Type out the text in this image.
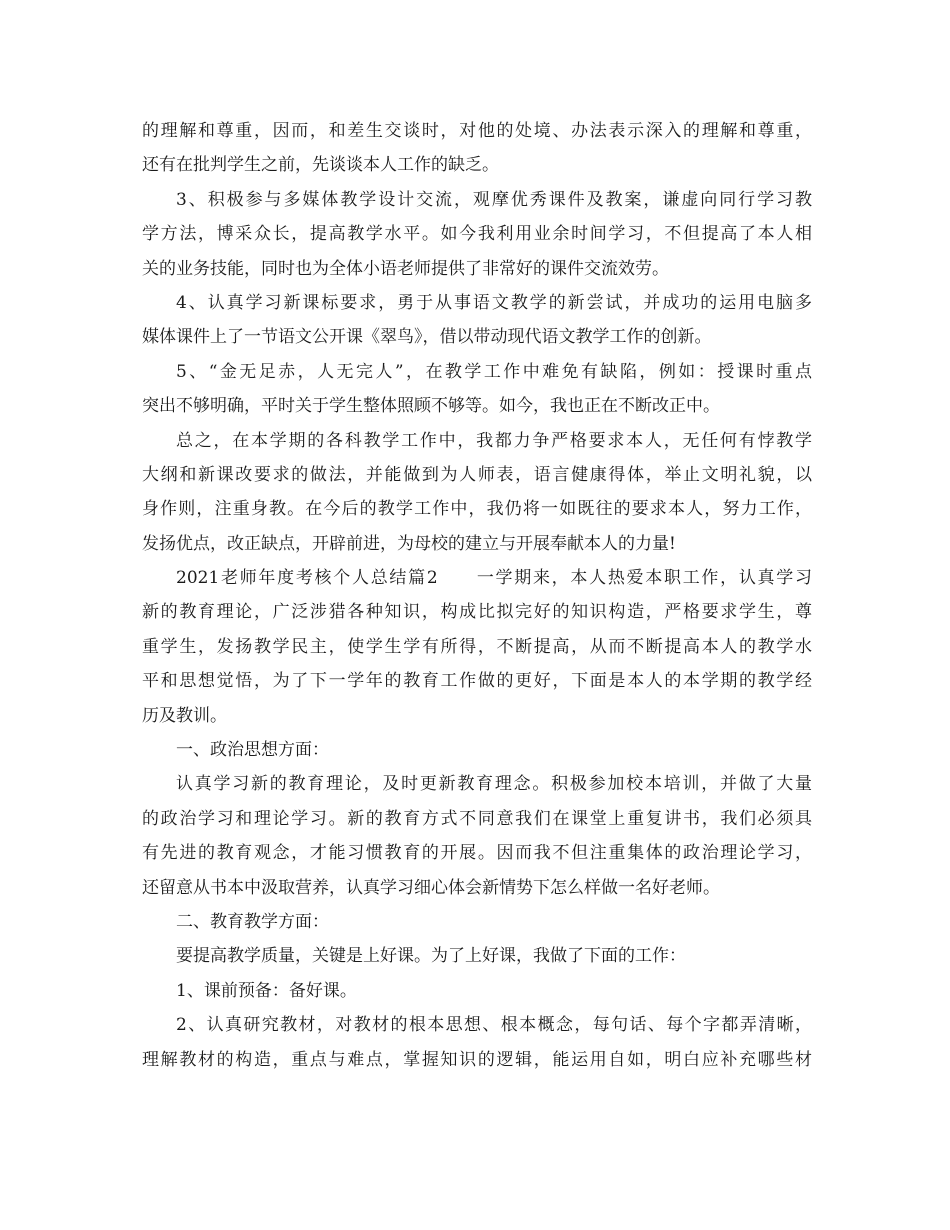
的理解和尊重，因而，和差生交谈时，对他的处境、办法表示深入的理解和尊重，
还有在批判学生之前，先谈谈本人工作的缺乏。
3、积极参与多媒体教学设计交流，观摩优秀课件及教案，谦虚向同行学习教
学方法，博采众长，提高教学水平。如今我利用业余时间学习，不但提高了本人相
关的业务技能，同时也为全体小语老师提供了非常好的课件交流效劳。
4、认真学习新课标要求，勇于从事语文教学的新尝试，并成功的运用电脑多
媒体课件上了一节语文公开课《翠鸟》，借以带动现代语文教学工作的创新。
5、“金无足赤，人无完人”，在教学工作中难免有缺陷，例如：授课时重点
突出不够明确，平时关于学生整体照顾不够等。如今，我也正在不断改正中。
总之，在本学期的各科教学工作中，我都力争严格要求本人，无任何有悖教学
大纲和新课改要求的做法，并能做到为人师表，语言健康得体，举止文明礼貌，以
身作则，注重身教。在今后的教学工作中，我仍将一如既往的要求本人，努力工作，
发扬优点，改正缺点，开辟前进，为母校的建立与开展奉献本人的力量!
2021老师年度考核个人总结篇2　　一学期来，本人热爱本职工作，认真学习
新的教育理论，广泛涉猎各种知识，构成比拟完好的知识构造，严格要求学生，尊
重学生，发扬教学民主，使学生学有所得，不断提高，从而不断提高本人的教学水
平和思想觉悟，为了下一学年的教育工作做的更好，下面是本人的本学期的教学经
历及教训。
一、政治思想方面：
认真学习新的教育理论，及时更新教育理念。积极参加校本培训，并做了大量
的政治学习和理论学习。新的教育方式不同意我们在课堂上重复讲书，我们必须具
有先进的教育观念，才能习惯教育的开展。因而我不但注重集体的政治理论学习，
还留意从书本中汲取营养，认真学习细心体会新情势下怎么样做一名好老师。
二、教育教学方面：
要提高教学质量，关键是上好课。为了上好课，我做了下面的工作：
1、课前预备：备好课。
2、认真研究教材，对教材的根本思想、根本概念，每句话、每个字都弄清晰，
理解教材的构造，重点与难点，掌握知识的逻辑，能运用自如，明白应补充哪些材
